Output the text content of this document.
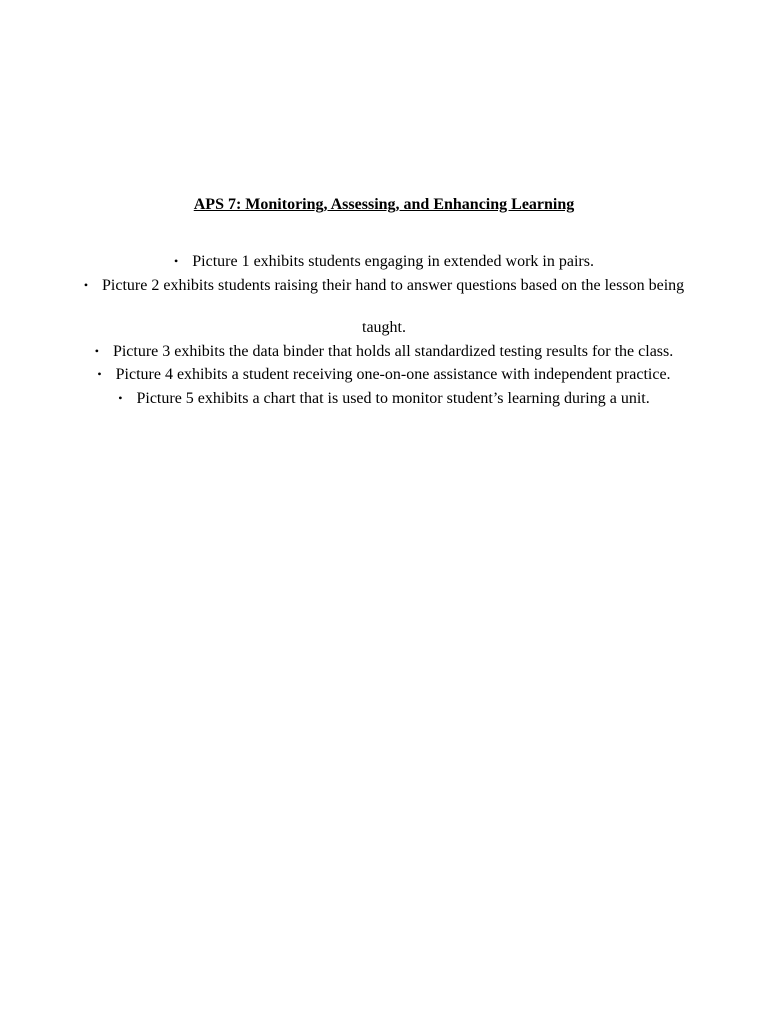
APS 7: Monitoring, Assessing, and Enhancing Learning
• Picture 1 exhibits students engaging in extended work in pairs.
• Picture 2 exhibits students raising their hand to answer questions based on the lesson being
taught.
• Picture 3 exhibits the data binder that holds all standardized testing results for the class.
• Picture 4 exhibits a student receiving one-on-one assistance with independent practice.
• Picture 5 exhibits a chart that is used to monitor student’s learning during a unit.
